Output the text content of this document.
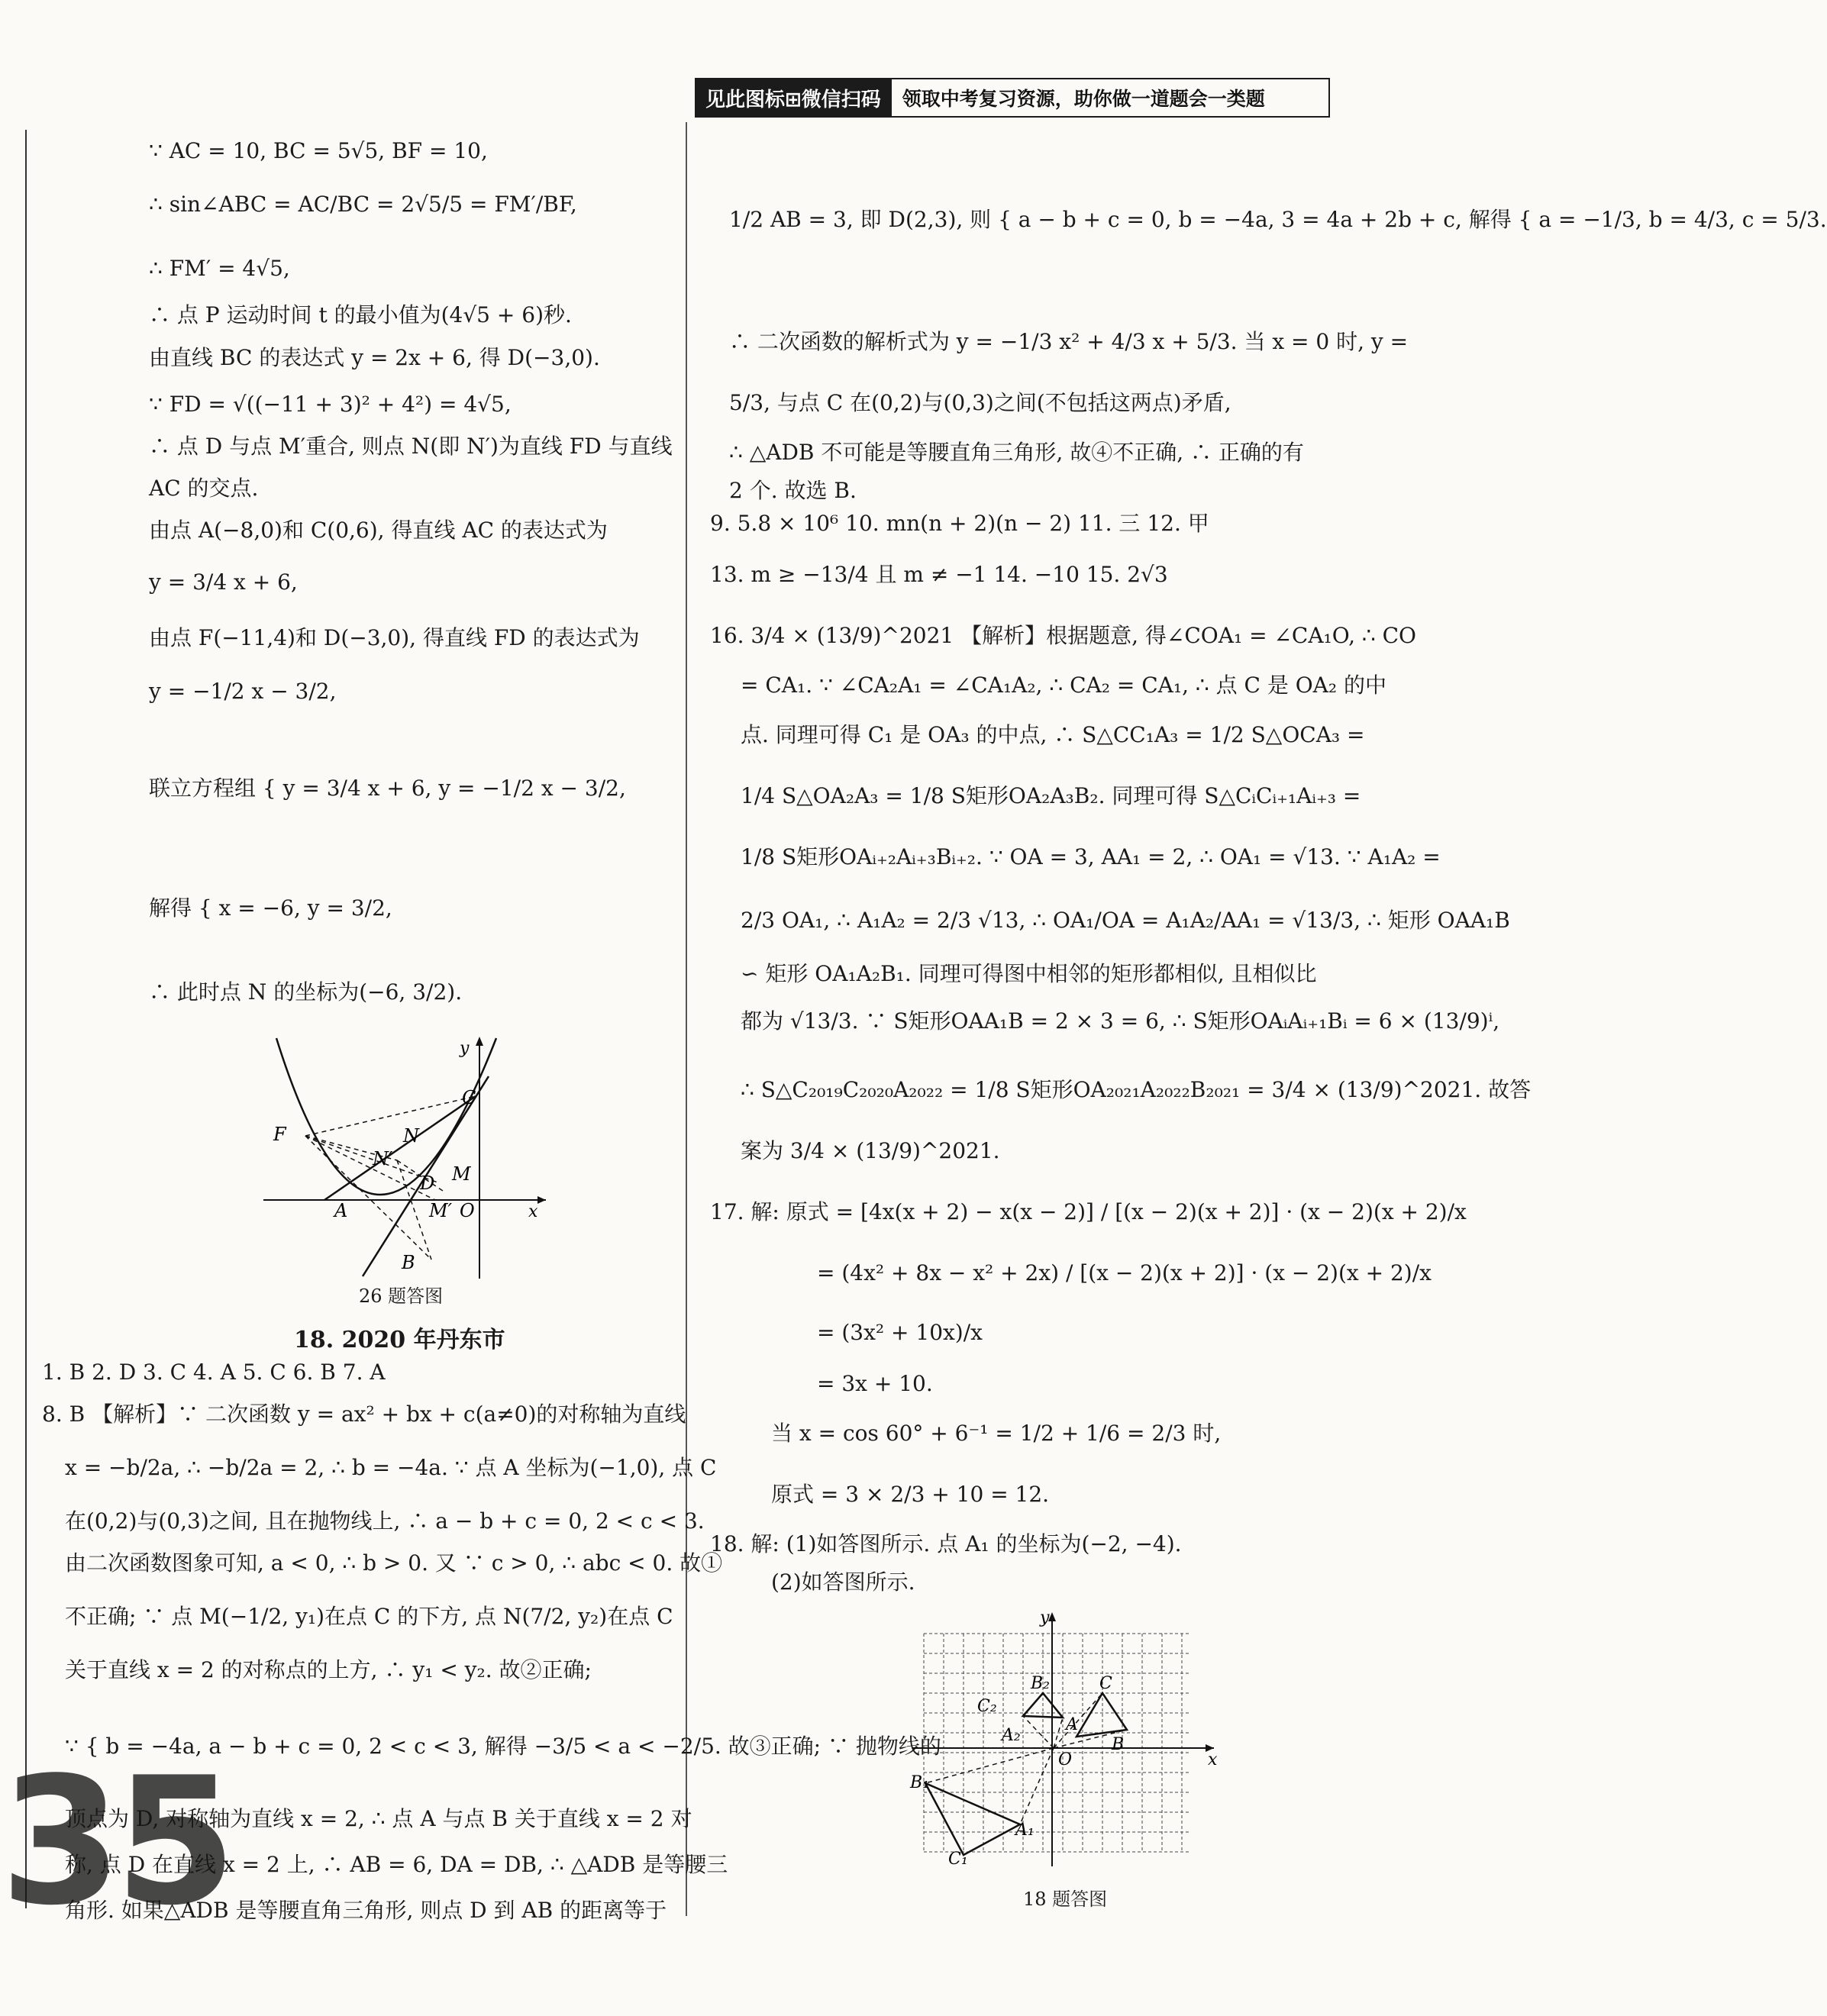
见此图标⊞微信扫码	领取中考复习资源，助你做一道题会一类题
∵ AC = 10, BC = 5√5, BF = 10,
∴ sin∠ABC = AC/BC = 2√5/5 = FM′/BF,
∴ FM′ = 4√5,
∴ 点 P 运动时间 t 的最小值为(4√5 + 6)秒.
由直线 BC 的表达式 y = 2x + 6, 得 D(−3,0).
∵ FD = √((−11 + 3)² + 4²) = 4√5,
∴ 点 D 与点 M′重合, 则点 N(即 N′)为直线 FD 与直线
AC 的交点.
由点 A(−8,0)和 C(0,6), 得直线 AC 的表达式为
y = 3/4 x + 6,
由点 F(−11,4)和 D(−3,0), 得直线 FD 的表达式为
y = −1/2 x − 3/2,
联立方程组 { y = 3/4 x + 6, y = −1/2 x − 3/2,
解得 { x = −6, y = 3/2,
∴ 此时点 N 的坐标为(−6, 3/2).
y
x
C
F	N
N′
D M
A	M′ O
B
26 题答图
18. 2020 年丹东市
1. B 2. D 3. C 4. A 5. C 6. B 7. A
8. B 【解析】∵ 二次函数 y = ax² + bx + c(a≠0)的对称轴为直线
x = −b/2a, ∴ −b/2a = 2, ∴ b = −4a. ∵ 点 A 坐标为(−1,0), 点 C
在(0,2)与(0,3)之间, 且在抛物线上, ∴ a − b + c = 0, 2 < c < 3.
由二次函数图象可知, a < 0, ∴ b > 0. 又 ∵ c > 0, ∴ abc < 0. 故①
不正确; ∵ 点 M(−1/2, y₁)在点 C 的下方, 点 N(7/2, y₂)在点 C
关于直线 x = 2 的对称点的上方, ∴ y₁ < y₂. 故②正确;
∵ { b = −4a, a − b + c = 0, 2 < c < 3, 解得 −3/5 < a < −2/5. 故③正确; ∵ 抛物线的
顶点为 D, 对称轴为直线 x = 2, ∴ 点 A 与点 B 关于直线 x = 2 对
称, 点 D 在直线 x = 2 上, ∴ AB = 6, DA = DB, ∴ △ADB 是等腰三
角形. 如果△ADB 是等腰直角三角形, 则点 D 到 AB 的距离等于
35
1/2 AB = 3, 即 D(2,3), 则 { a − b + c = 0, b = −4a, 3 = 4a + 2b + c, 解得 { a = −1/3, b = 4/3, c = 5/3.
∴ 二次函数的解析式为 y = −1/3 x² + 4/3 x + 5/3. 当 x = 0 时, y =
5/3, 与点 C 在(0,2)与(0,3)之间(不包括这两点)矛盾,
∴ △ADB 不可能是等腰直角三角形, 故④不正确, ∴ 正确的有
2 个. 故选 B.
9. 5.8 × 10⁶ 10. mn(n + 2)(n − 2) 11. 三 12. 甲
13. m ≥ −13/4 且 m ≠ −1 14. −10 15. 2√3
16. 3/4 × (13/9)^2021 【解析】根据题意, 得∠COA₁ = ∠CA₁O, ∴ CO
= CA₁. ∵ ∠CA₂A₁ = ∠CA₁A₂, ∴ CA₂ = CA₁, ∴ 点 C 是 OA₂ 的中
点. 同理可得 C₁ 是 OA₃ 的中点, ∴ S△CC₁A₃ = 1/2 S△OCA₃ =
1/4 S△OA₂A₃ = 1/8 S矩形OA₂A₃B₂. 同理可得 S△CᵢCᵢ₊₁Aᵢ₊₃ =
1/8 S矩形OAᵢ₊₂Aᵢ₊₃Bᵢ₊₂. ∵ OA = 3, AA₁ = 2, ∴ OA₁ = √13. ∵ A₁A₂ =
2/3 OA₁, ∴ A₁A₂ = 2/3 √13, ∴ OA₁/OA = A₁A₂/AA₁ = √13/3, ∴ 矩形 OAA₁B
∽ 矩形 OA₁A₂B₁. 同理可得图中相邻的矩形都相似, 且相似比
都为 √13/3. ∵ S矩形OAA₁B = 2 × 3 = 6, ∴ S矩形OAᵢAᵢ₊₁Bᵢ = 6 × (13/9)ⁱ,
∴ S△C₂₀₁₉C₂₀₂₀A₂₀₂₂ = 1/8 S矩形OA₂₀₂₁A₂₀₂₂B₂₀₂₁ = 3/4 × (13/9)^2021. 故答
案为 3/4 × (13/9)^2021.
17. 解: 原式 = [4x(x + 2) − x(x − 2)] / [(x − 2)(x + 2)] · (x − 2)(x + 2)/x
= (4x² + 8x − x² + 2x) / [(x − 2)(x + 2)] · (x − 2)(x + 2)/x
= (3x² + 10x)/x
= 3x + 10.
当 x = cos 60° + 6⁻¹ = 1/2 + 1/6 = 2/3 时,
原式 = 3 × 2/3 + 10 = 12.
18. 解: (1)如答图所示. 点 A₁ 的坐标为(−2, −4).
(2)如答图所示.
y
x
C₂
B₂	C
A
A₂	B
O
B₁
A₁
C₁
18 题答图
